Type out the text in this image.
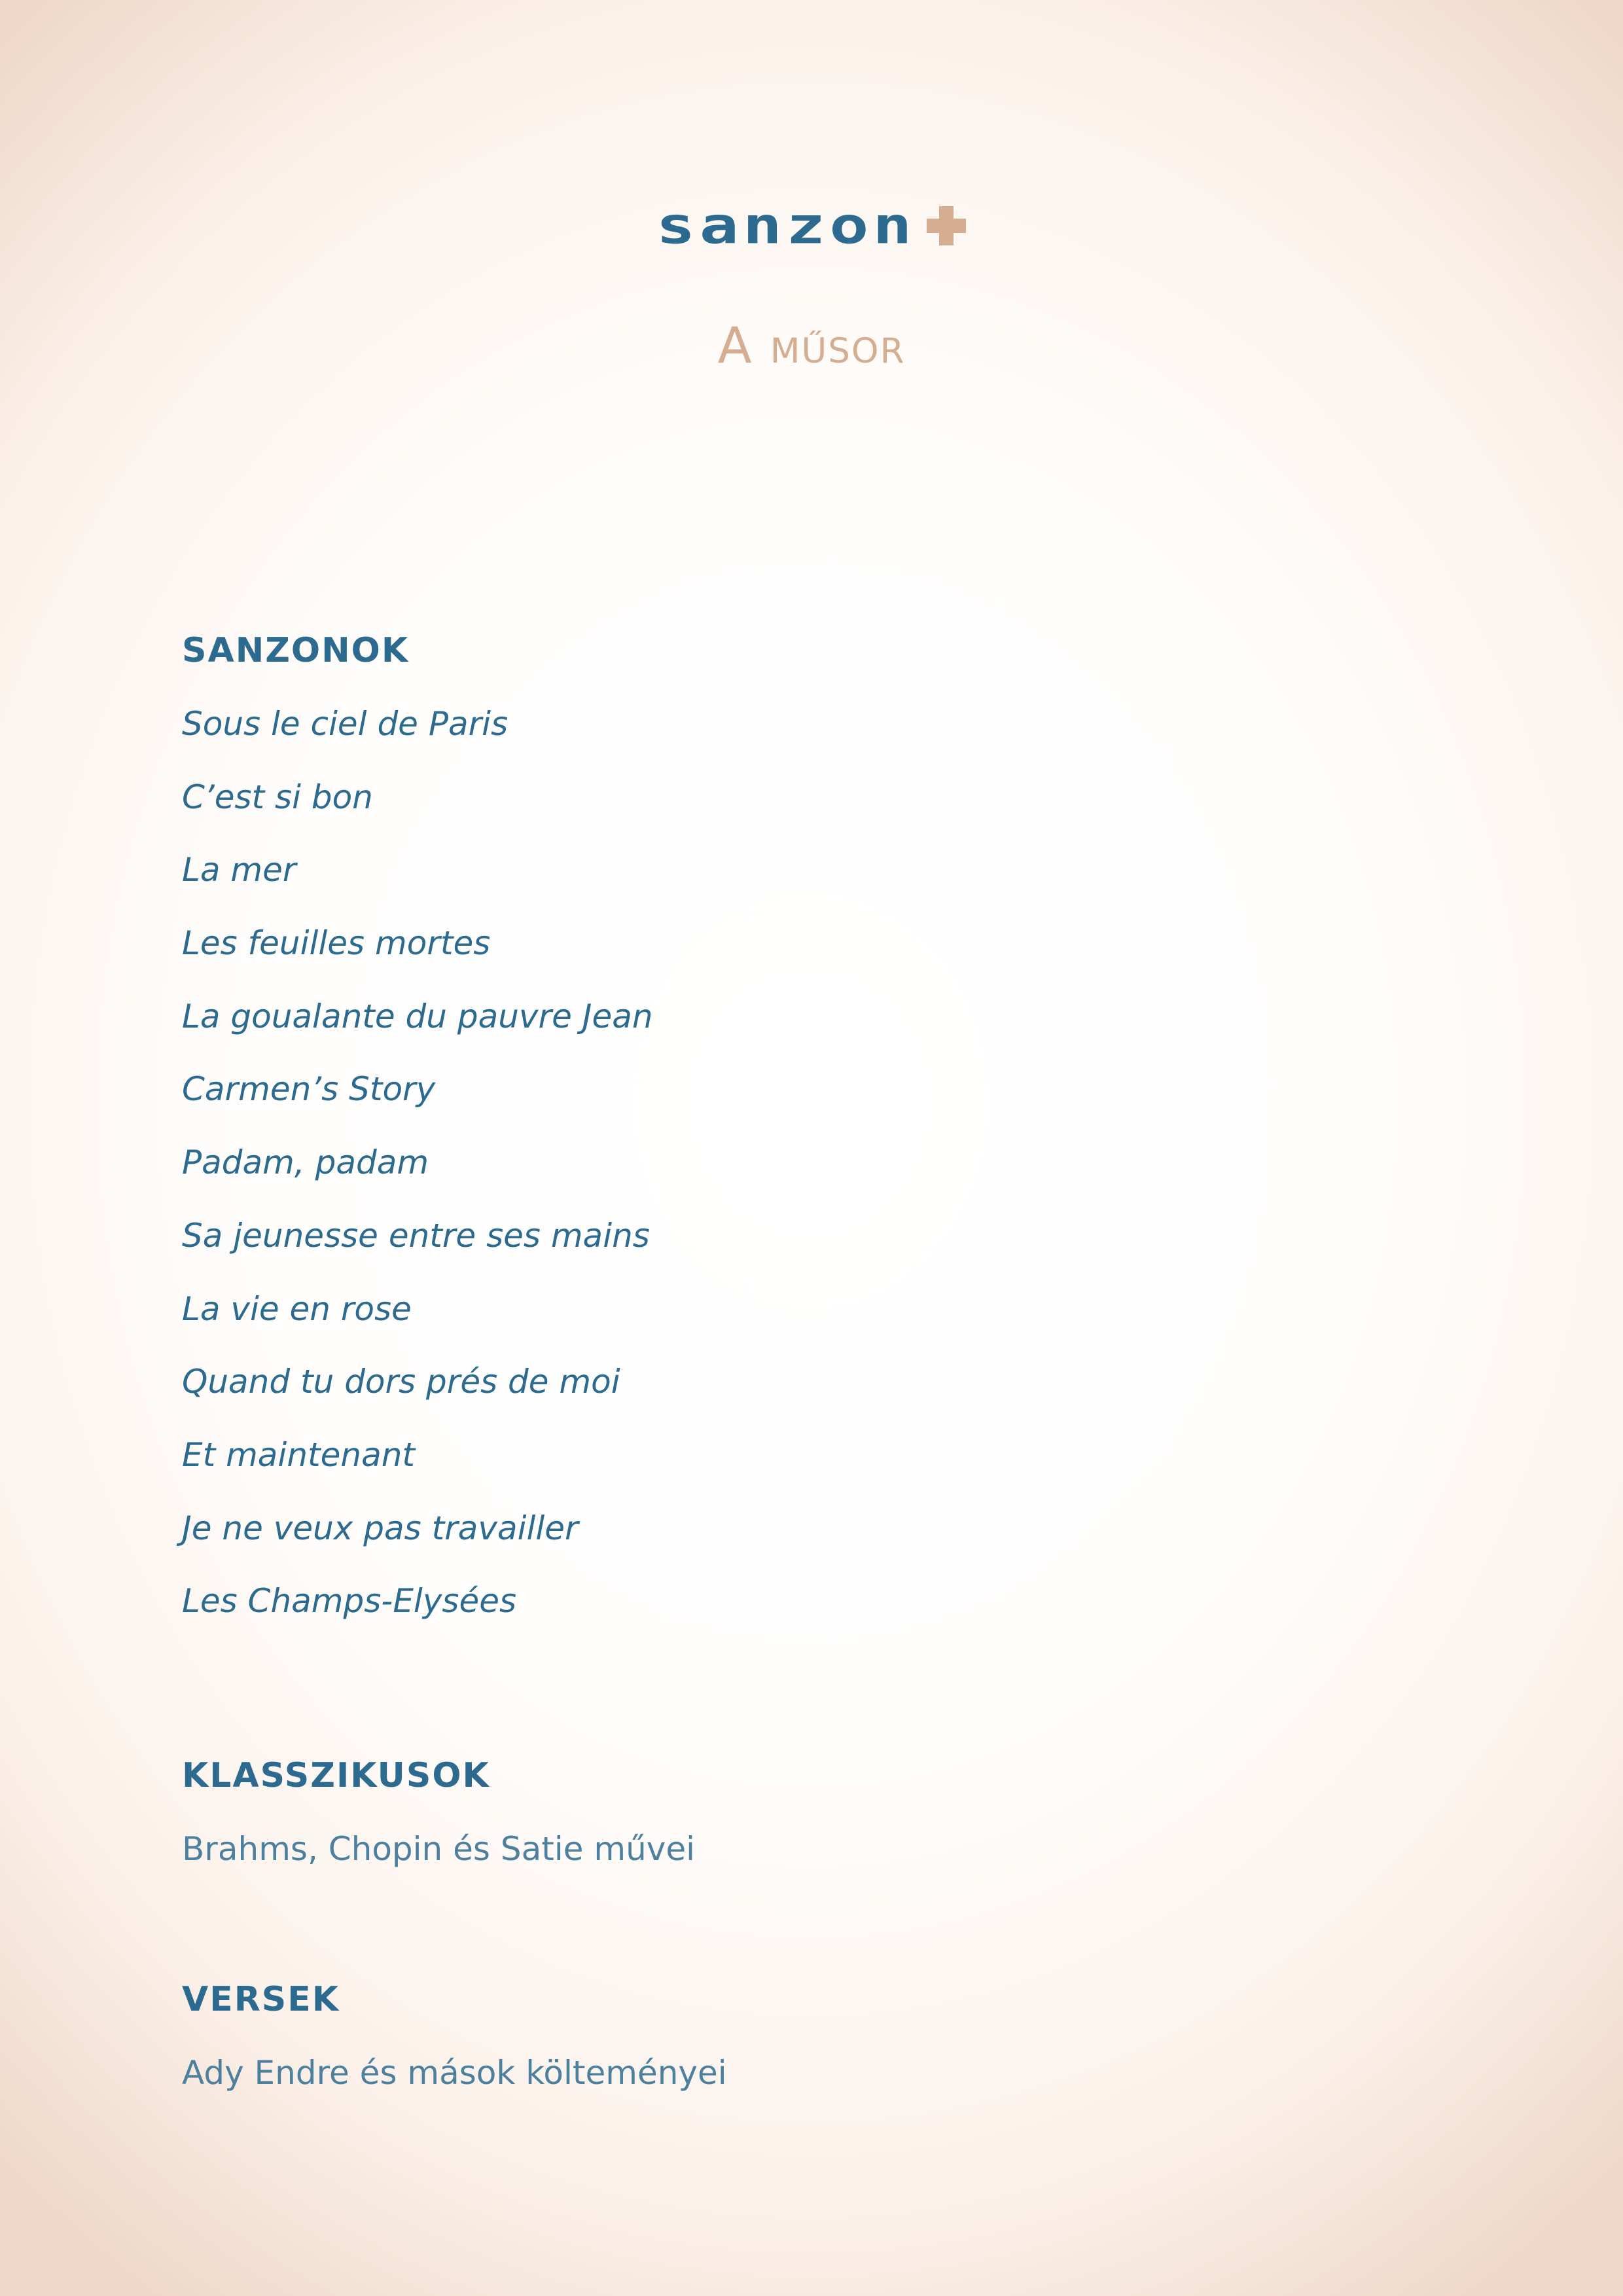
sanzon
A műsor
SANZONOK
Sous le ciel de Paris
C’est si bon
La mer
Les feuilles mortes
La goualante du pauvre Jean
Carmen’s Story
Padam, padam
Sa jeunesse entre ses mains
La vie en rose
Quand tu dors prés de moi
Et maintenant
Je ne veux pas travailler
Les Champs-Elysées
KLASSZIKUSOK
Brahms, Chopin és Satie művei
VERSEK
Ady Endre és mások költeményei
